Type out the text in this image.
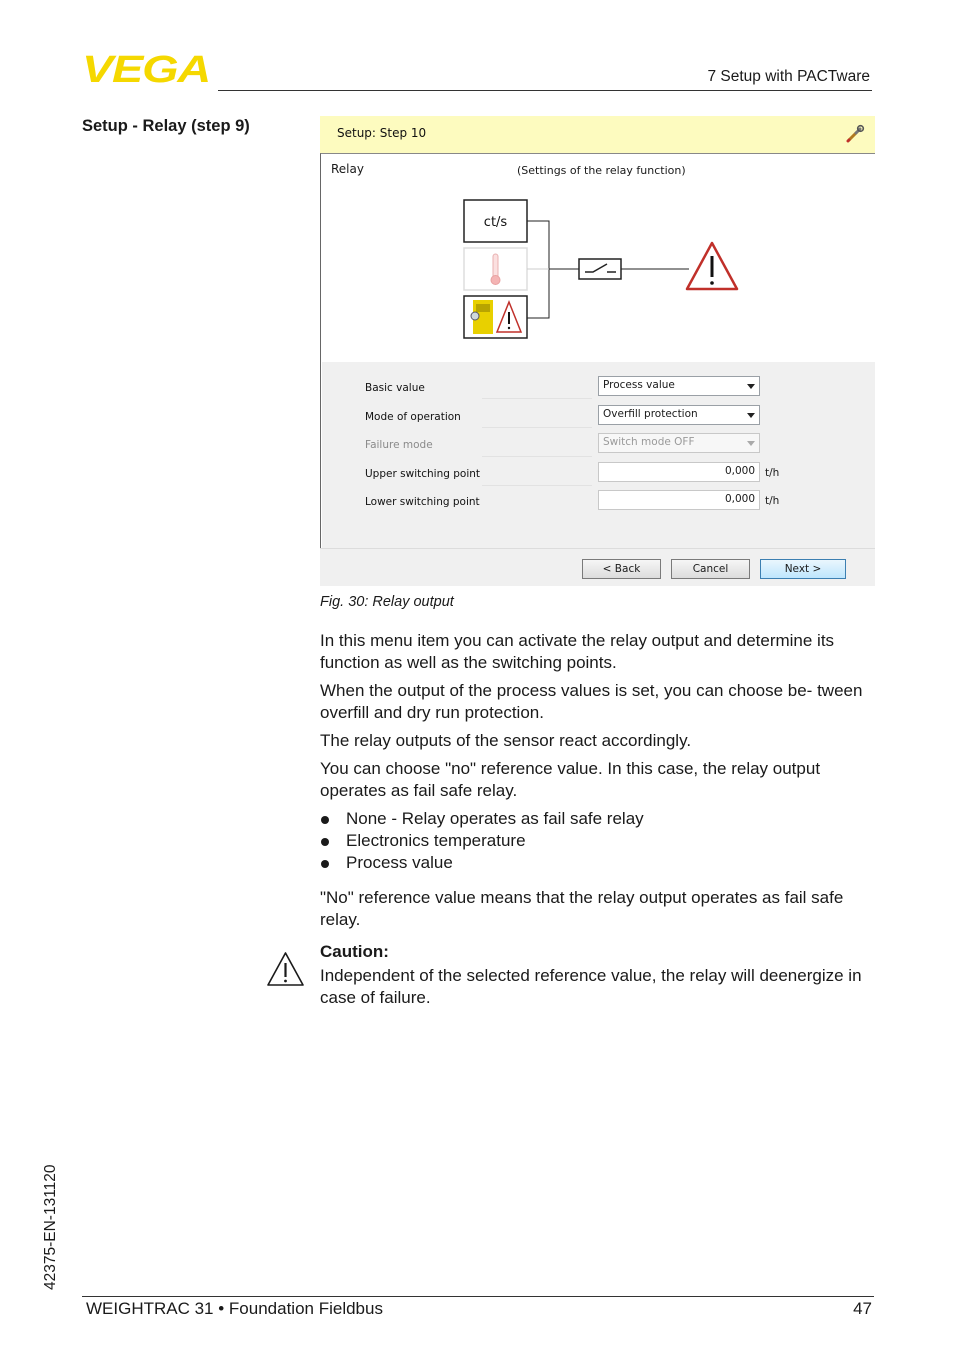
VEGA	7 Setup with PACTware
Setup - Relay (step 9)	Setup: Step 10
Relay	(Settings of the relay function)
ct/s
Basic value	Process value
Mode of operation	Overfill protection
Failure mode	Switch mode OFF
Upper switching point	0,000 t/h
Lower switching point	0,000 t/h
< Back	Cancel	Next >
Fig. 30: Relay output
In this menu item you can activate the relay output and determine its function as well as the switching points.
When the output of the process values is set, you can choose be- tween overfill and dry run protection.
The relay outputs of the sensor react accordingly.
You can choose "no" reference value. In this case, the relay output operates as fail safe relay.
None - Relay operates as fail safe relay
Electronics temperature
Process value
"No" reference value means that the relay output operates as fail safe relay.
Caution:
Independent of the selected reference value, the relay will deenergize in case of failure.
42375-EN-131120
WEIGHTRAC 31 • Foundation Fieldbus	47
